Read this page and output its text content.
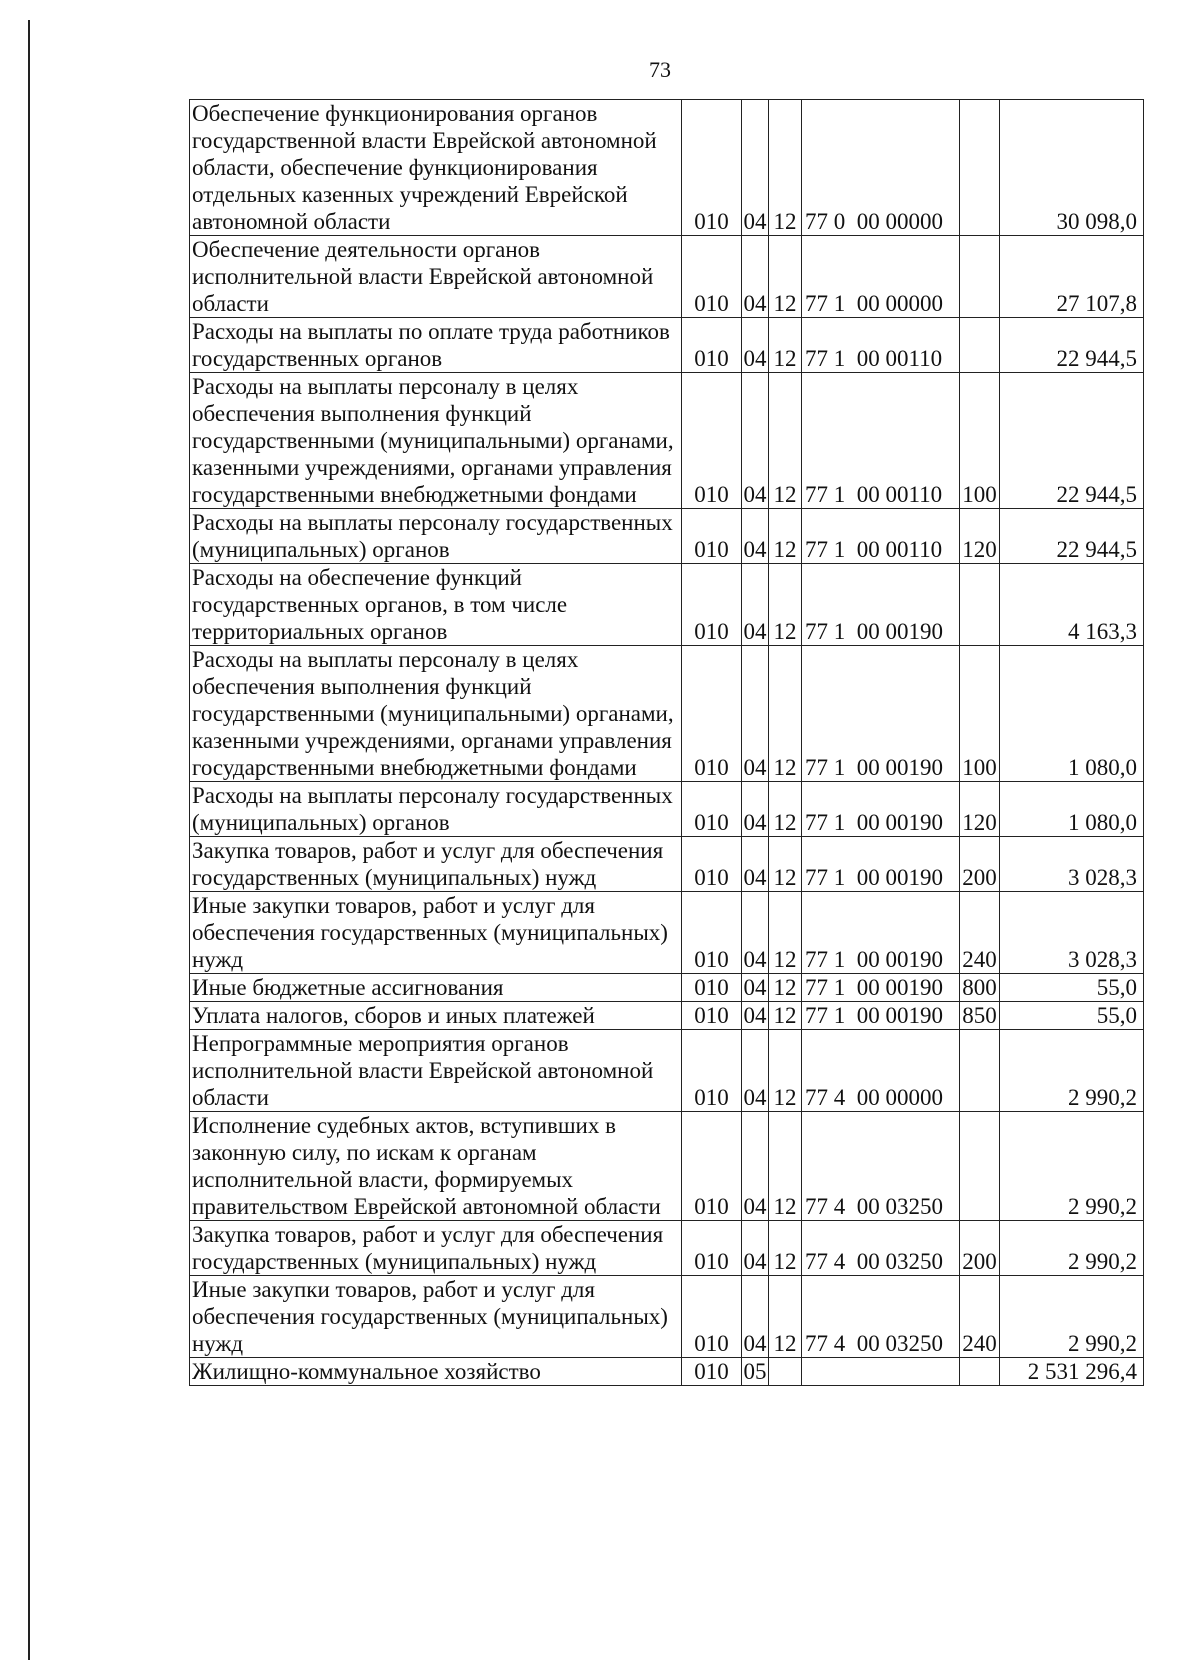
73
Обеспечение функционирования органов государственной власти Еврейской автономной области, обеспечение функционирования отдельных казенных учреждений Еврейской автономной области	010	04	12	77 0  00 00000		30 098,0
Обеспечение деятельности органов исполнительной власти Еврейской автономной области	010	04	12	77 1  00 00000		27 107,8
Расходы на выплаты по оплате труда работников государственных органов	010	04	12	77 1  00 00110		22 944,5
Расходы на выплаты персоналу в целях обеспечения выполнения функций государственными (муниципальными) органами, казенными учреждениями, органами управления государственными внебюджетными фондами	010	04	12	77 1  00 00110	100	22 944,5
Расходы на выплаты персоналу государственных (муниципальных) органов	010	04	12	77 1  00 00110	120	22 944,5
Расходы на обеспечение функций государственных органов, в том числе территориальных органов	010	04	12	77 1  00 00190		4 163,3
Расходы на выплаты персоналу в целях обеспечения выполнения функций государственными (муниципальными) органами, казенными учреждениями, органами управления государственными внебюджетными фондами	010	04	12	77 1  00 00190	100	1 080,0
Расходы на выплаты персоналу государственных (муниципальных) органов	010	04	12	77 1  00 00190	120	1 080,0
Закупка товаров, работ и услуг для обеспечения государственных (муниципальных) нужд	010	04	12	77 1  00 00190	200	3 028,3
Иные закупки товаров, работ и услуг для обеспечения государственных (муниципальных) нужд	010	04	12	77 1  00 00190	240	3 028,3
Иные бюджетные ассигнования	010	04	12	77 1  00 00190	800	55,0
Уплата налогов, сборов и иных платежей	010	04	12	77 1  00 00190	850	55,0
Непрограммные мероприятия органов исполнительной власти Еврейской автономной области	010	04	12	77 4  00 00000		2 990,2
Исполнение судебных актов, вступивших в законную силу, по искам к органам исполнительной власти, формируемых правительством Еврейской автономной области	010	04	12	77 4  00 03250		2 990,2
Закупка товаров, работ и услуг для обеспечения государственных (муниципальных) нужд	010	04	12	77 4  00 03250	200	2 990,2
Иные закупки товаров, работ и услуг для обеспечения государственных (муниципальных) нужд	010	04	12	77 4  00 03250	240	2 990,2
Жилищно-коммунальное хозяйство	010	05				2 531 296,4
